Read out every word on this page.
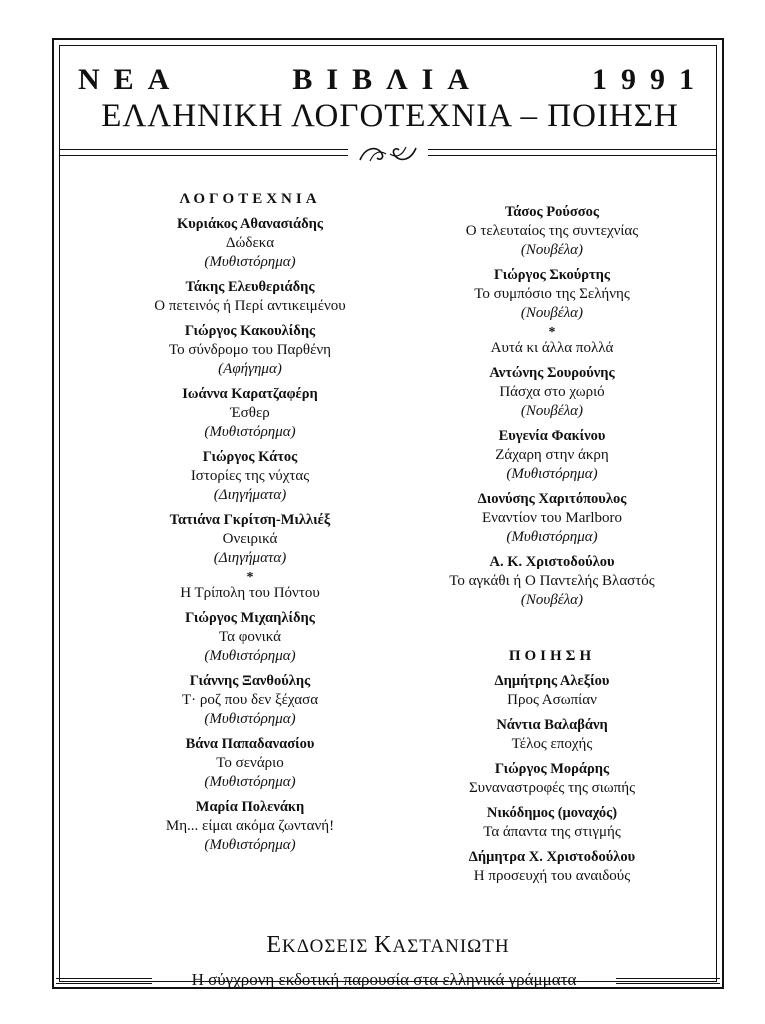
ΝΕΑ	ΒΙΒΛΙΑ	1991
ΕΛΛΗΝΙΚΗ ΛΟΓΟΤΕΧΝΙΑ – ΠΟΙΗΣΗ
ΛΟΓΟΤΕΧΝΙΑ
Κυριάκος Αθανασιάδης
Δώδεκα
(Μυθιστόρημα)
Τάκης Ελευθεριάδης
Ο πετεινός ή Περί αντικειμένου
Γιώργος Κακουλίδης
Το σύνδρομο του Παρθένη
(Αφήγημα)
Ιωάννα Καρατζαφέρη
Έσθερ
(Μυθιστόρημα)
Γιώργος Κάτος
Ιστορίες της νύχτας
(Διηγήματα)
Τατιάνα Γκρίτση-Μιλλιέξ
Ονειρικά
(Διηγήματα)
*
Η Τρίπολη του Πόντου
Γιώργος Μιχαηλίδης
Τα φονικά
(Μυθιστόρημα)
Γιάννης Ξανθούλης
Τ· ροζ που δεν ξέχασα
(Μυθιστόρημα)
Βάνα Παπαδανασίου
Το σενάριο
(Μυθιστόρημα)
Μαρία Πολενάκη
Μη... είμαι ακόμα ζωντανή!
(Μυθιστόρημα)
Τάσος Ρούσσος
Ο τελευταίος της συντεχνίας
(Νουβέλα)
Γιώργος Σκούρτης
Το συμπόσιο της Σελήνης
(Νουβέλα)
*
Αυτά κι άλλα πολλά
Αντώνης Σουρούνης
Πάσχα στο χωριό
(Νουβέλα)
Ευγενία Φακίνου
Ζάχαρη στην άκρη
(Μυθιστόρημα)
Διονύσης Χαριτόπουλος
Εναντίον του Marlboro
(Μυθιστόρημα)
Α. Κ. Χριστοδούλου
Το αγκάθι ή Ο Παντελής Βλαστός
(Νουβέλα)
ΠΟΙΗΣΗ
Δημήτρης Αλεξίου
Προς Ασωπίαν
Νάντια Βαλαβάνη
Τέλος εποχής
Γιώργος Μοράρης
Συναναστροφές της σιωπής
Νικόδημος (μοναχός)
Τα άπαντα της στιγμής
Δήμητρα Χ. Χριστοδούλου
Η προσευχή του αναιδούς
ΕΚΔΟΣΕΙΣ ΚΑΣΤΑΝΙΩΤΗ
Η σύγχρονη εκδοτική παρουσία στα ελληνικά γράμματα
